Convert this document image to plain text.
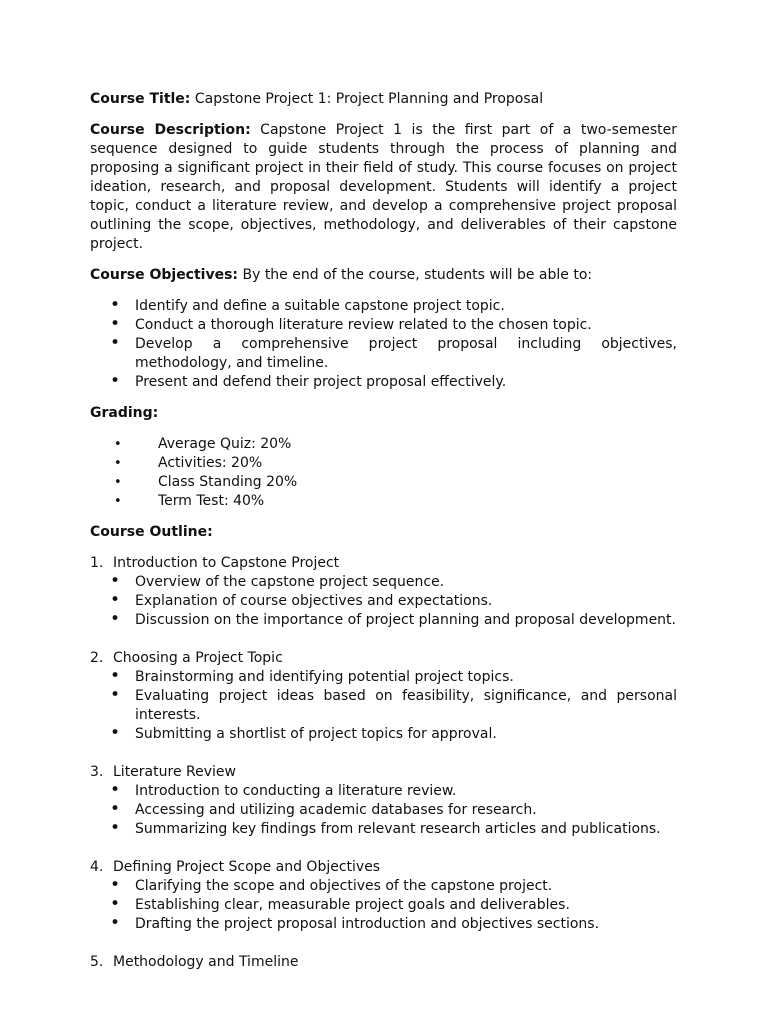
Course Title: Capstone Project 1: Project Planning and Proposal

Course Description: Capstone Project 1 is the first part of a two-semester sequence designed to guide students through the process of planning and proposing a significant project in their field of study. This course focuses on project ideation, research, and proposal development. Students will identify a project topic, conduct a literature review, and develop a comprehensive project proposal outlining the scope, objectives, methodology, and deliverables of their capstone project.

Course Objectives: By the end of the course, students will be able to:

• Identify and define a suitable capstone project topic.
• Conduct a thorough literature review related to the chosen topic.
• Develop a comprehensive project proposal including objectives, methodology, and timeline.
• Present and defend their project proposal effectively.

Grading:

• Average Quiz: 20%
• Activities: 20%
• Class Standing 20%
• Term Test: 40%

Course Outline:

1. Introduction to Capstone Project
• Overview of the capstone project sequence.
• Explanation of course objectives and expectations.
• Discussion on the importance of project planning and proposal development.
2. Choosing a Project Topic
• Brainstorming and identifying potential project topics.
• Evaluating project ideas based on feasibility, significance, and personal interests.
• Submitting a shortlist of project topics for approval.
3. Literature Review
• Introduction to conducting a literature review.
• Accessing and utilizing academic databases for research.
• Summarizing key findings from relevant research articles and publications.
4. Defining Project Scope and Objectives
• Clarifying the scope and objectives of the capstone project.
• Establishing clear, measurable project goals and deliverables.
• Drafting the project proposal introduction and objectives sections.
5. Methodology and Timeline
